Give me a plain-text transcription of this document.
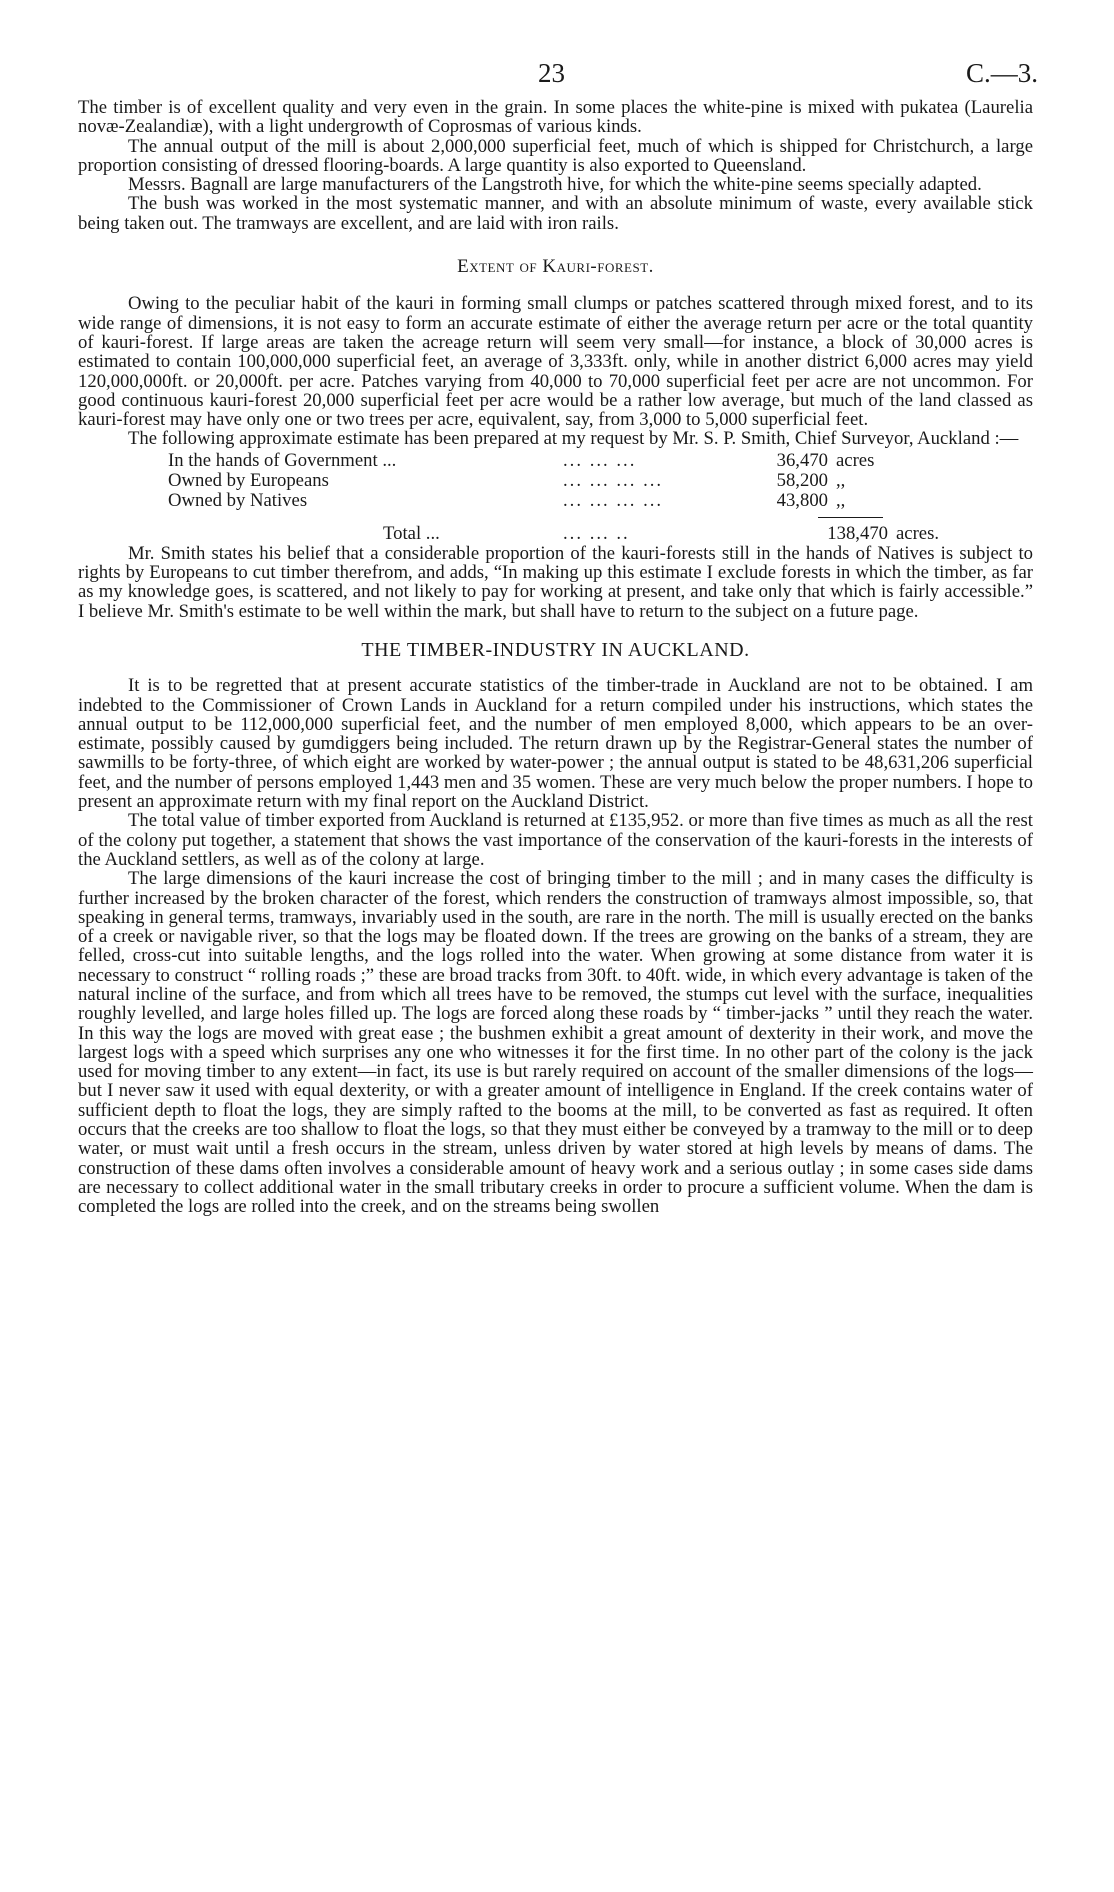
23	C.—3.

The timber is of excellent quality and very even in the grain. In some places the white-pine is mixed with pukatea (Laurelia novæ-Zealandiæ), with a light undergrowth of Coprosmas of various kinds.

The annual output of the mill is about 2,000,000 superficial feet, much of which is shipped for Christchurch, a large proportion consisting of dressed flooring-boards. A large quantity is also exported to Queensland.

Messrs. Bagnall are large manufacturers of the Langstroth hive, for which the white-pine seems specially adapted.

The bush was worked in the most systematic manner, and with an absolute minimum of waste, every available stick being taken out. The tramways are excellent, and are laid with iron rails.

Extent of Kauri-forest.

Owing to the peculiar habit of the kauri in forming small clumps or patches scattered through mixed forest, and to its wide range of dimensions, it is not easy to form an accurate estimate of either the average return per acre or the total quantity of kauri-forest. If large areas are taken the acreage return will seem very small—for instance, a block of 30,000 acres is estimated to contain 100,000,000 superficial feet, an average of 3,333ft. only, while in another district 6,000 acres may yield 120,000,000ft. or 20,000ft. per acre. Patches varying from 40,000 to 70,000 superficial feet per acre are not uncommon. For good continuous kauri-forest 20,000 superficial feet per acre would be a rather low average, but much of the land classed as kauri-forest may have only one or two trees per acre, equivalent, say, from 3,000 to 5,000 superficial feet.

The following approximate estimate has been prepared at my request by Mr. S. P. Smith, Chief Surveyor, Auckland :—

In the hands of Government ...	... ... ...	36,470 acres
Owned by Europeans	... ... ... ...	58,200 ,,
Owned by Natives	... ... ... ...	43,800 ,,
Total ...	... ... ..	138,470 acres.

Mr. Smith states his belief that a considerable proportion of the kauri-forests still in the hands of Natives is subject to rights by Europeans to cut timber therefrom, and adds, “In making up this estimate I exclude forests in which the timber, as far as my knowledge goes, is scattered, and not likely to pay for working at present, and take only that which is fairly accessible.” I believe Mr. Smith's estimate to be well within the mark, but shall have to return to the subject on a future page.

THE TIMBER-INDUSTRY IN AUCKLAND.

It is to be regretted that at present accurate statistics of the timber-trade in Auckland are not to be obtained. I am indebted to the Commissioner of Crown Lands in Auckland for a return compiled under his instructions, which states the annual output to be 112,000,000 superficial feet, and the number of men employed 8,000, which appears to be an over-estimate, possibly caused by gumdiggers being included. The return drawn up by the Registrar-General states the number of sawmills to be forty-three, of which eight are worked by water-power ; the annual output is stated to be 48,631,206 superficial feet, and the number of persons employed 1,443 men and 35 women. These are very much below the proper numbers. I hope to present an approximate return with my final report on the Auckland District.

The total value of timber exported from Auckland is returned at £135,952. or more than five times as much as all the rest of the colony put together, a statement that shows the vast importance of the conservation of the kauri-forests in the interests of the Auckland settlers, as well as of the colony at large.

The large dimensions of the kauri increase the cost of bringing timber to the mill ; and in many cases the difficulty is further increased by the broken character of the forest, which renders the construction of tramways almost impossible, so, that speaking in general terms, tramways, invariably used in the south, are rare in the north. The mill is usually erected on the banks of a creek or navigable river, so that the logs may be floated down. If the trees are growing on the banks of a stream, they are felled, cross-cut into suitable lengths, and the logs rolled into the water. When growing at some distance from water it is necessary to construct “ rolling roads ;” these are broad tracks from 30ft. to 40ft. wide, in which every advantage is taken of the natural incline of the surface, and from which all trees have to be removed, the stumps cut level with the surface, inequalities roughly levelled, and large holes filled up. The logs are forced along these roads by “ timber-jacks ” until they reach the water. In this way the logs are moved with great ease ; the bushmen exhibit a great amount of dexterity in their work, and move the largest logs with a speed which surprises any one who witnesses it for the first time. In no other part of the colony is the jack used for moving timber to any extent—in fact, its use is but rarely required on account of the smaller dimensions of the logs—but I never saw it used with equal dexterity, or with a greater amount of intelligence in England. If the creek contains water of sufficient depth to float the logs, they are simply rafted to the booms at the mill, to be converted as fast as required. It often occurs that the creeks are too shallow to float the logs, so that they must either be conveyed by a tramway to the mill or to deep water, or must wait until a fresh occurs in the stream, unless driven by water stored at high levels by means of dams. The construction of these dams often involves a considerable amount of heavy work and a serious outlay ; in some cases side dams are necessary to collect additional water in the small tributary creeks in order to procure a sufficient volume. When the dam is completed the logs are rolled into the creek, and on the streams being swollen
